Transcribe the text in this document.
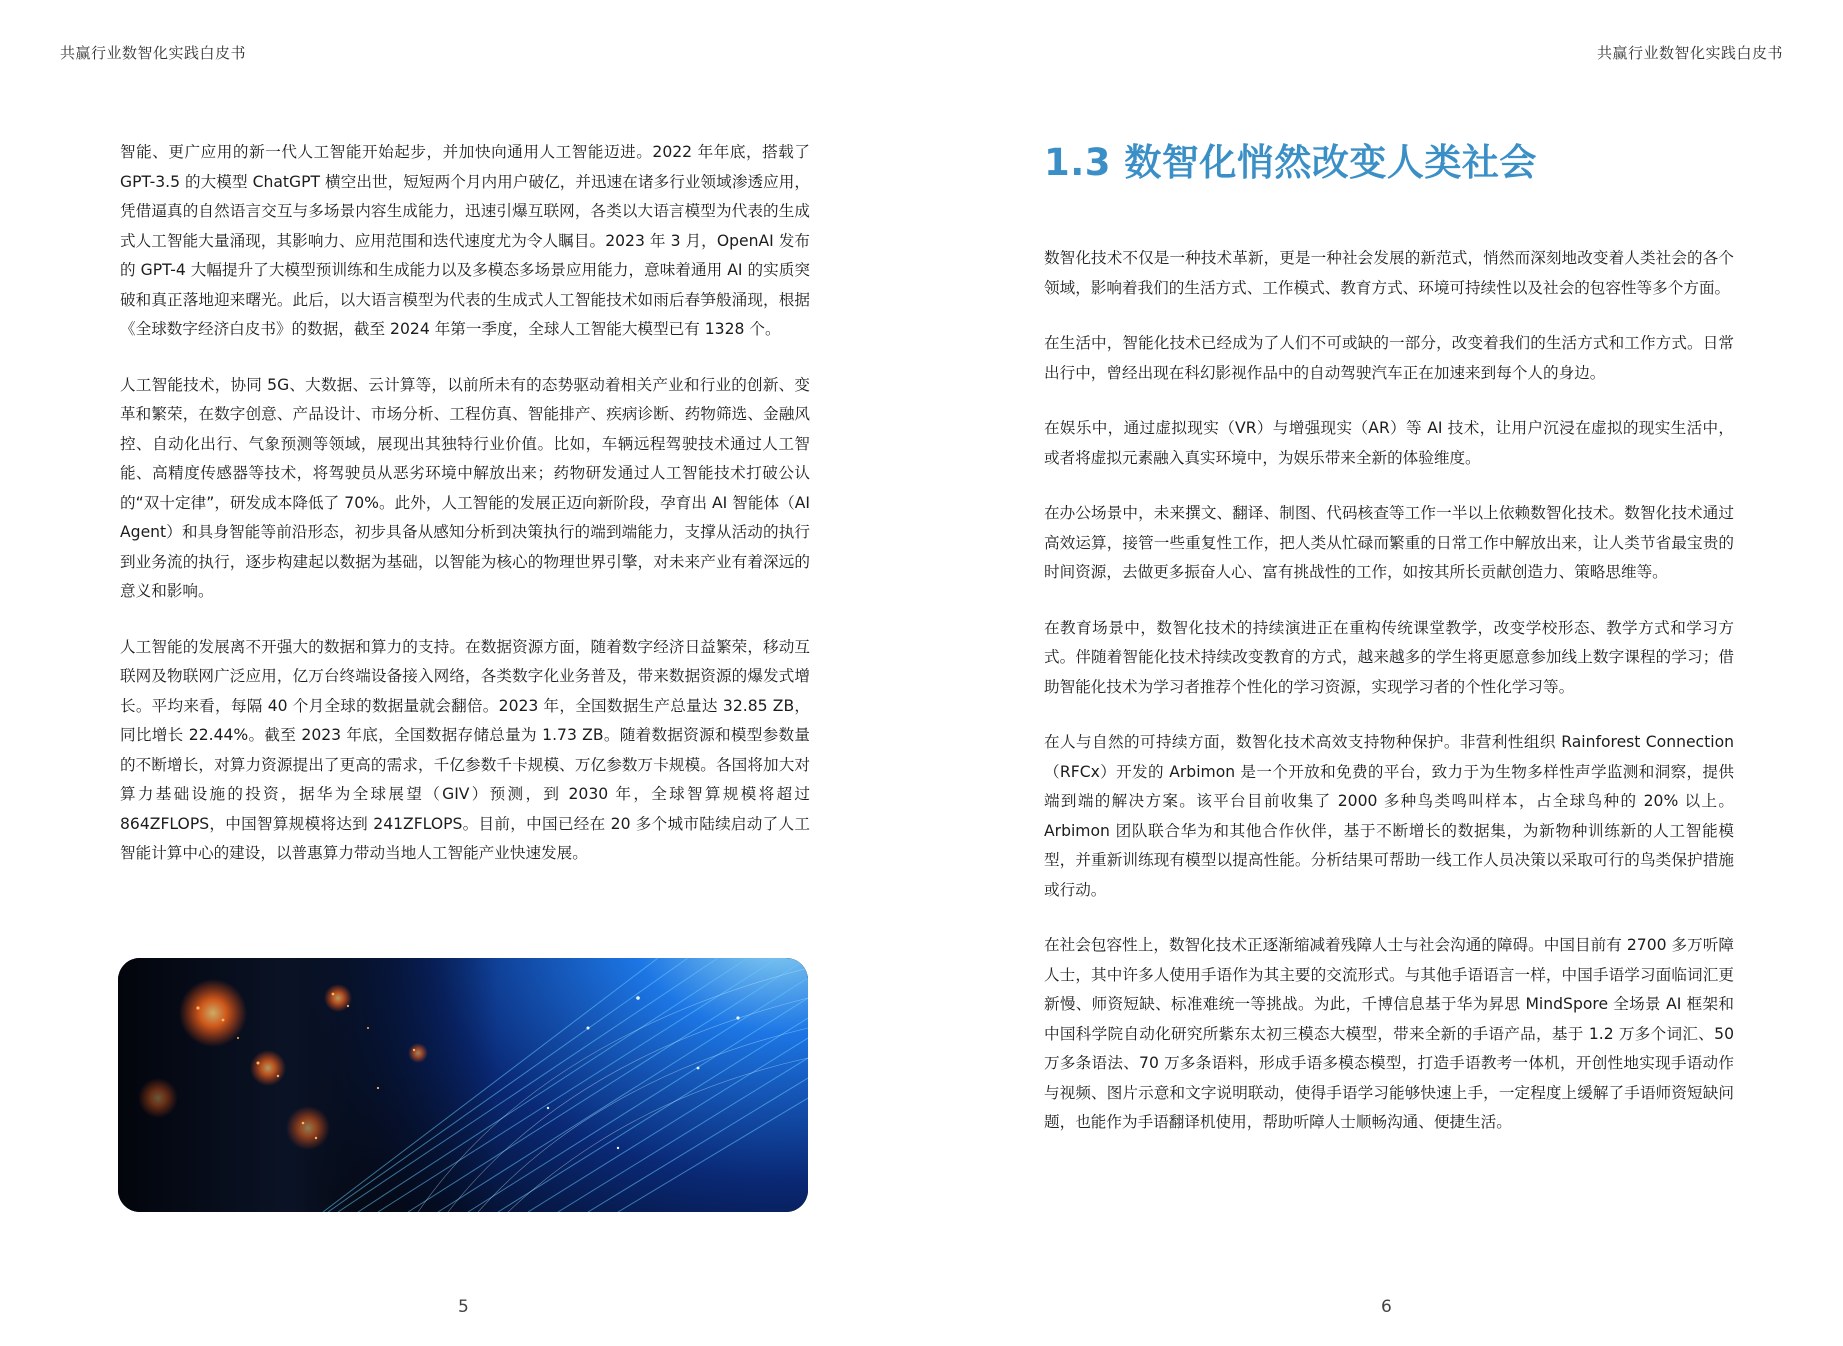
共赢行业数智化实践白皮书

智能、更广应用的新一代人工智能开始起步，并加快向通用人工智能迈进。2022 年年底，搭载了 GPT-3.5 的大模型 ChatGPT 横空出世，短短两个月内用户破亿，并迅速在诸多行业领域渗透应用，凭借逼真的自然语言交互与多场景内容生成能力，迅速引爆互联网，各类以大语言模型为代表的生成式人工智能大量涌现，其影响力、应用范围和迭代速度尤为令人瞩目。2023 年 3 月，OpenAI 发布的 GPT-4 大幅提升了大模型预训练和生成能力以及多模态多场景应用能力，意味着通用 AI 的实质突破和真正落地迎来曙光。此后，以大语言模型为代表的生成式人工智能技术如雨后春笋般涌现，根据《全球数字经济白皮书》的数据，截至 2024 年第一季度，全球人工智能大模型已有 1328 个。

人工智能技术，协同 5G、大数据、云计算等，以前所未有的态势驱动着相关产业和行业的创新、变革和繁荣，在数字创意、产品设计、市场分析、工程仿真、智能排产、疾病诊断、药物筛选、金融风控、自动化出行、气象预测等领域，展现出其独特行业价值。比如，车辆远程驾驶技术通过人工智能、高精度传感器等技术，将驾驶员从恶劣环境中解放出来；药物研发通过人工智能技术打破公认的“双十定律”，研发成本降低了 70%。此外，人工智能的发展正迈向新阶段，孕育出 AI 智能体（AI Agent）和具身智能等前沿形态，初步具备从感知分析到决策执行的端到端能力，支撑从活动的执行到业务流的执行，逐步构建起以数据为基础，以智能为核心的物理世界引擎，对未来产业有着深远的意义和影响。

人工智能的发展离不开强大的数据和算力的支持。在数据资源方面，随着数字经济日益繁荣，移动互联网及物联网广泛应用，亿万台终端设备接入网络，各类数字化业务普及，带来数据资源的爆发式增长。平均来看，每隔 40 个月全球的数据量就会翻倍。2023 年，全国数据生产总量达 32.85 ZB，同比增长 22.44%。截至 2023 年底，全国数据存储总量为 1.73 ZB。随着数据资源和模型参数量的不断增长，对算力资源提出了更高的需求，千亿参数千卡规模、万亿参数万卡规模。各国将加大对算力基础设施的投资，据华为全球展望（GIV）预测，到 2030 年，全球智算规模将超过 864ZFLOPS，中国智算规模将达到 241ZFLOPS。目前，中国已经在 20 多个城市陆续启动了人工智能计算中心的建设，以普惠算力带动当地人工智能产业快速发展。

5
共赢行业数智化实践白皮书
1.3 数智化悄然改变人类社会

数智化技术不仅是一种技术革新，更是一种社会发展的新范式，悄然而深刻地改变着人类社会的各个领域，影响着我们的生活方式、工作模式、教育方式、环境可持续性以及社会的包容性等多个方面。

在生活中，智能化技术已经成为了人们不可或缺的一部分，改变着我们的生活方式和工作方式。日常出行中，曾经出现在科幻影视作品中的自动驾驶汽车正在加速来到每个人的身边。

在娱乐中，通过虚拟现实（VR）与增强现实（AR）等 AI 技术，让用户沉浸在虚拟的现实生活中，或者将虚拟元素融入真实环境中，为娱乐带来全新的体验维度。

在办公场景中，未来撰文、翻译、制图、代码核查等工作一半以上依赖数智化技术。数智化技术通过高效运算，接管一些重复性工作，把人类从忙碌而繁重的日常工作中解放出来，让人类节省最宝贵的时间资源，去做更多振奋人心、富有挑战性的工作，如按其所长贡献创造力、策略思维等。

在教育场景中，数智化技术的持续演进正在重构传统课堂教学，改变学校形态、教学方式和学习方式。伴随着智能化技术持续改变教育的方式，越来越多的学生将更愿意参加线上数字课程的学习；借助智能化技术为学习者推荐个性化的学习资源，实现学习者的个性化学习等。

在人与自然的可持续方面，数智化技术高效支持物种保护。非营利性组织 Rainforest Connection（RFCx）开发的 Arbimon 是一个开放和免费的平台，致力于为生物多样性声学监测和洞察，提供端到端的解决方案。该平台目前收集了 2000 多种鸟类鸣叫样本，占全球鸟种的 20% 以上。Arbimon 团队联合华为和其他合作伙伴，基于不断增长的数据集，为新物种训练新的人工智能模型，并重新训练现有模型以提高性能。分析结果可帮助一线工作人员决策以采取可行的鸟类保护措施或行动。

在社会包容性上，数智化技术正逐渐缩减着残障人士与社会沟通的障碍。中国目前有 2700 多万听障人士，其中许多人使用手语作为其主要的交流形式。与其他手语语言一样，中国手语学习面临词汇更新慢、师资短缺、标准难统一等挑战。为此，千博信息基于华为昇思 MindSpore 全场景 AI 框架和中国科学院自动化研究所紫东太初三模态大模型，带来全新的手语产品，基于 1.2 万多个词汇、50 万多条语法、70 万多条语料，形成手语多模态模型，打造手语教考一体机，开创性地实现手语动作与视频、图片示意和文字说明联动，使得手语学习能够快速上手，一定程度上缓解了手语师资短缺问题，也能作为手语翻译机使用，帮助听障人士顺畅沟通、便捷生活。

6
